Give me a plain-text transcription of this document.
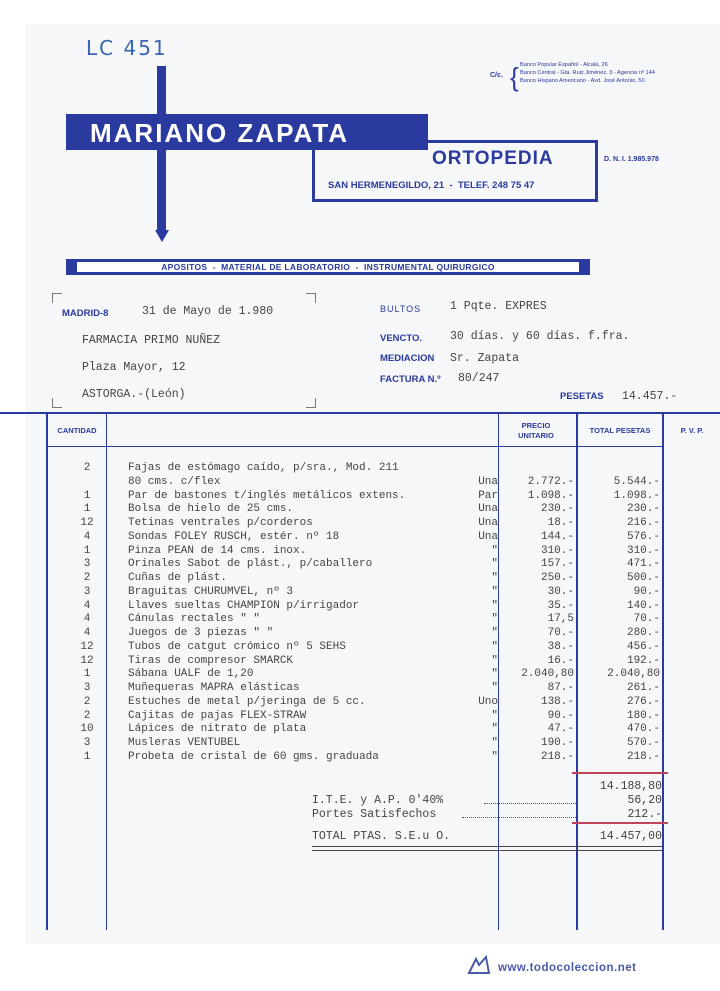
LC 451
C/c. { Banco Popular Español - Alcalá, 26
Banco Central - Gta. Ruiz Jiménez, 3 - Agencia nº 144
Banco Hispano Americano - Avd. José Antonio, 50
MARIANO ZAPATA
ORTOPEDIA
SAN HERMENEGILDO, 21  -  TELEF. 248 75 47
D. N. I. 1.985.978
APOSITOS  -  MATERIAL DE LABORATORIO  -  INSTRUMENTAL QUIRURGICO
MADRID-8	31 de Mayo de 1.980
FARMACIA PRIMO NUÑEZ
Plaza Mayor, 12
ASTORGA.-(León)
BULTOS	1 Pqte. EXPRES
VENCTO. 30 días. y 60 días. f.fra.
MEDIACION Sr. Zapata
FACTURA N.º 80/247
PESETAS 14.457.-
CANTIDAD
PRECIO UNITARIO
TOTAL PESETAS	P. V. P.
2	Fajas de estómago caído, p/sra., Mod. 211
80 cms. c/flex	Una	2.772.-	5.544.-
1	Par de bastones t/inglés metálicos extens.	Par	1.098.-	1.098.-
1	Bolsa de hielo de 25 cms.	Una	230.-	230.-
12	Tetinas ventrales p/corderos	Una	18.-	216.-
4	Sondas FOLEY RUSCH, estér. nº 18	Una	144.-	576.-
1	Pinza PEAN de 14 cms. inox.	"	310.-	310.-
3	Orinales Sabot de plást., p/caballero	"	157.-	471.-
2	Cuñas de plást.	"	250.-	500.-
3	Braguitas CHURUMVEL, nº 3	"	30.-	90.-
4	Llaves sueltas CHAMPION p/irrigador	"	35.-	140.-
4	Cánulas rectales " "	"	17,5	70.-
4	Juegos de 3 piezas " "	"	70.-	280.-
12	Tubos de catgut crómico nº 5 SEHS	"	38.-	456.-
12	Tiras de compresor SMARCK	"	16.-	192.-
1	Sábana UALF de 1,20	"	2.040,80	2.040,80
3	Muñequeras MAPRA elásticas	"	87.-	261.-
2	Estuches de metal p/jeringa de 5 cc.	Uno	138.-	276.-
2	Cajitas de pajas FLEX-STRAW	"	90.-	180.-
10	Lápices de nitrato de plata	"	47.-	470.-
3	Musleras VENTUBEL	"	190.-	570.-
1	Probeta de cristal de 60 gms. graduada	"	218.-	218.-
14.188,80
I.T.E. y A.P. 0'40%	56,20
Portes Satisfechos	212.-
TOTAL PTAS. S.E.u O.	14.457,00
www.todocoleccion.net
